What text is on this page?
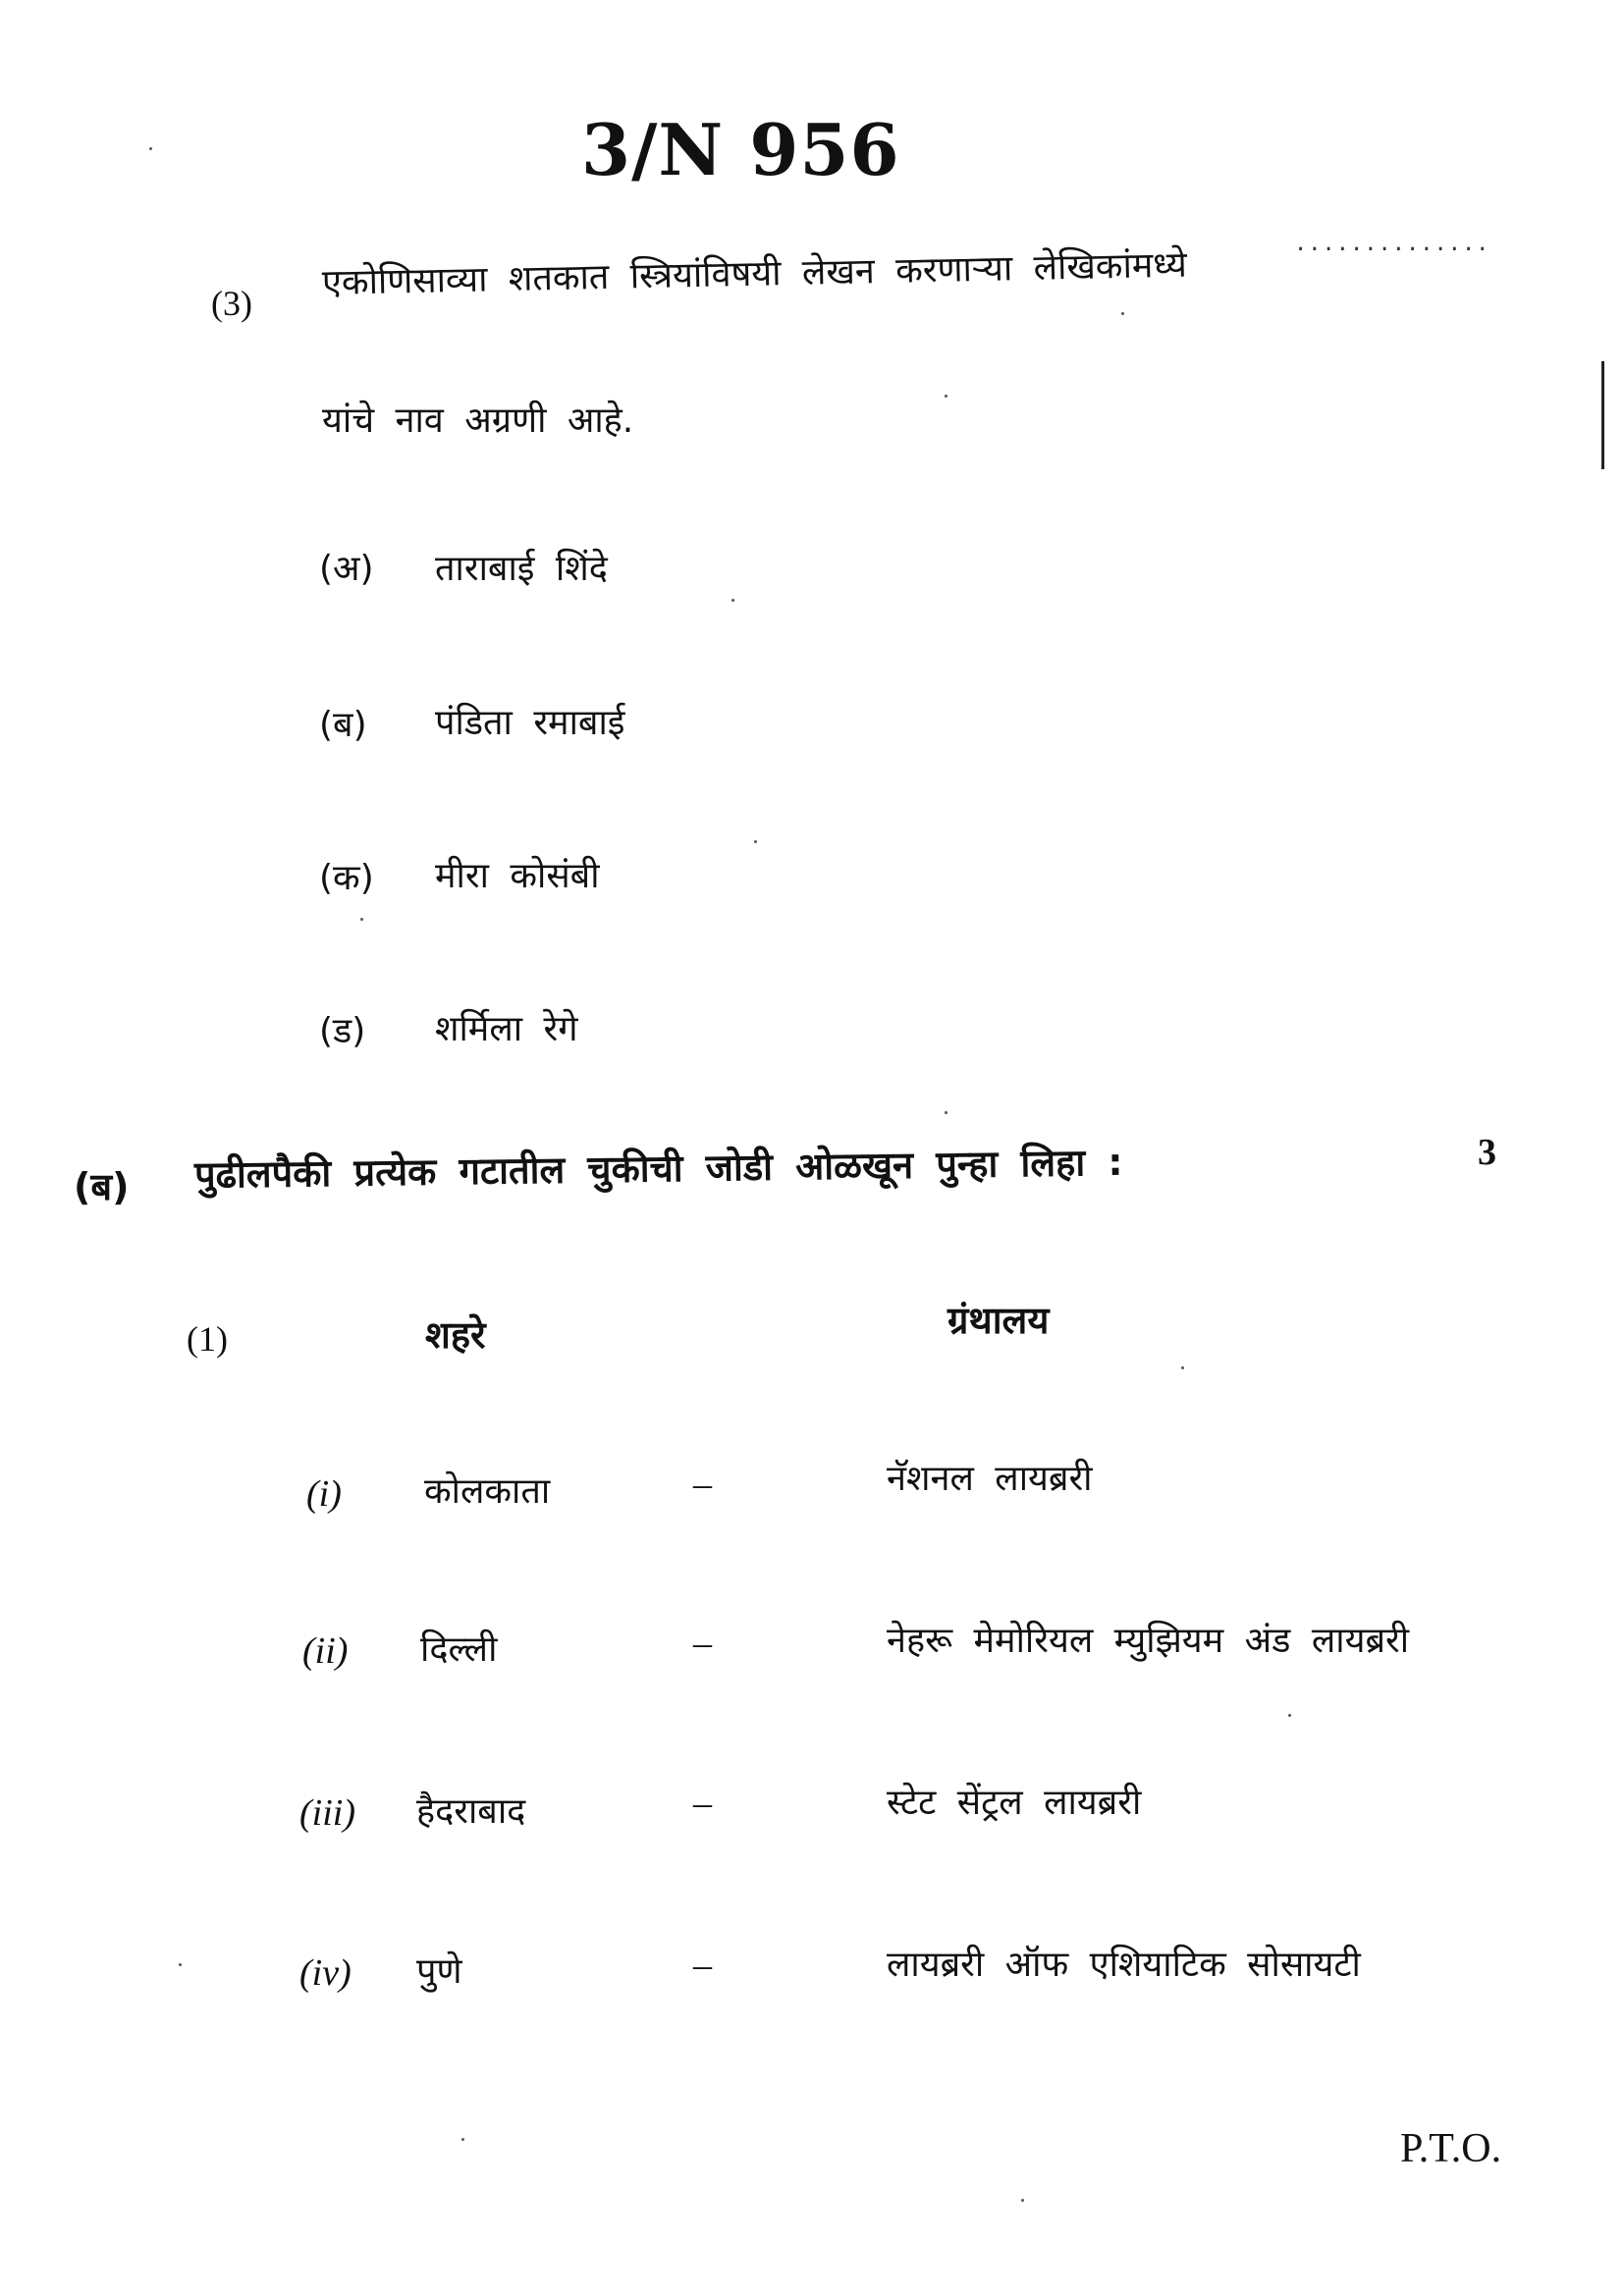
3/N 956
(3)
एकोणिसाव्या शतकात स्त्रियांविषयी लेखन करणाऱ्या लेखिकांमध्ये
..............
यांचे नाव अग्रणी आहे.
(अ) ताराबाई शिंदे
(ब) पंडिता रमाबाई
(क) मीरा कोसंबी
(ड) शर्मिला रेगे
(ब) पुढीलपैकी प्रत्येक गटातील चुकीची जोडी ओळखून पुन्हा लिहा :	3
(1)	शहरे	ग्रंथालय
(i) कोलकाता	–	नॅशनल लायब्ररी
(ii) दिल्ली	–	नेहरू मेमोरियल म्युझियम अंड लायब्ररी
(iii) हैदराबाद	–	स्टेट सेंट्रल लायब्ररी
(iv) पुणे	–	लायब्ररी ऑफ एशियाटिक सोसायटी
P.T.O.
